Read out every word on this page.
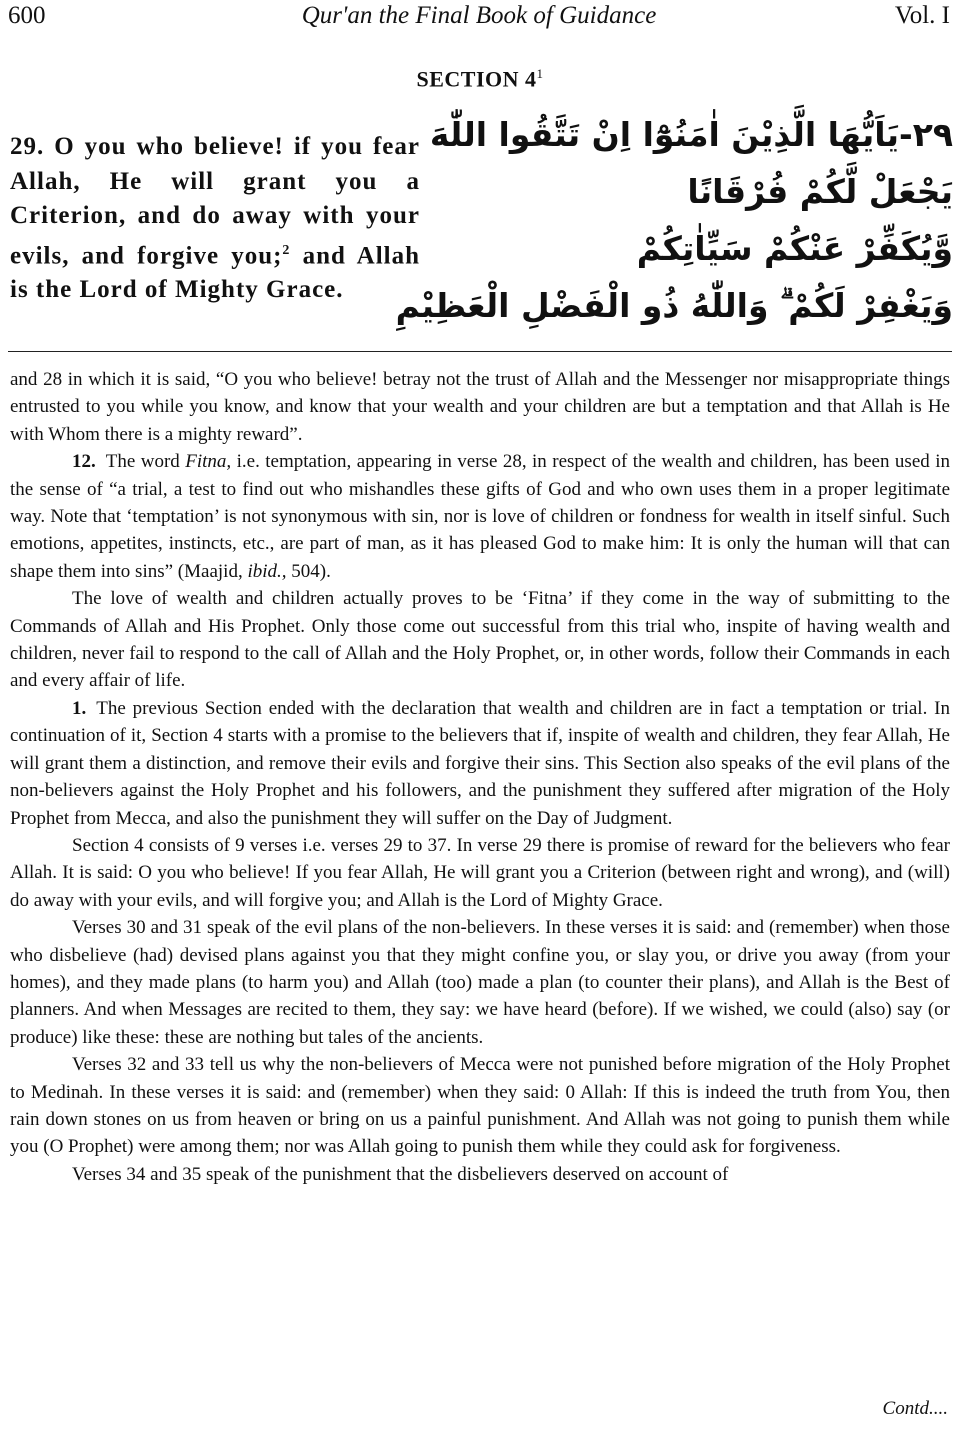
600	Qur'an the Final Book of Guidance	Vol. I
SECTION $4^1$
29. O you who believe! if you fear Allah, He will grant you a Criterion, and do away with your evils, and forgive you;$^2$ and Allah is the Lord of Mighty Grace.
۲۹-يَاَيُّهَا الَّذِيْنَ اٰمَنُوْٓا اِنْ تَتَّقُوا اللّٰهَ
يَجْعَلْ لَّكُمْ فُرْقَانًا
وَّيُكَفِّرْ عَنْكُمْ سَيِّاٰتِكُمْ
وَيَغْفِرْ لَكُمْ ۗ وَاللّٰهُ ذُو الْفَضْلِ الْعَظِيْمِ

and 28 in which it is said, “O you who believe! betray not the trust of Allah and the Messenger nor misappropriate things entrusted to you while you know, and know that your wealth and your children are but a temptation and that Allah is He with Whom there is a mighty reward”.

12. The word Fitna, i.e. temptation, appearing in verse 28, in respect of the wealth and children, has been used in the sense of “a trial, a test to find out who mishandles these gifts of God and who own uses them in a proper legitimate way. Note that ‘temptation’ is not synonymous with sin, nor is love of children or fondness for wealth in itself sinful. Such emotions, appetites, instincts, etc., are part of man, as it has pleased God to make him: It is only the human will that can shape them into sins” (Maajid, ibid., 504).

The love of wealth and children actually proves to be ‘Fitna’ if they come in the way of submitting to the Commands of Allah and His Prophet. Only those come out successful from this trial who, inspite of having wealth and children, never fail to respond to the call of Allah and the Holy Prophet, or, in other words, follow their Commands in each and every affair of life.

1. The previous Section ended with the declaration that wealth and children are in fact a temptation or trial. In continuation of it, Section 4 starts with a promise to the believers that if, inspite of wealth and children, they fear Allah, He will grant them a distinction, and remove their evils and forgive their sins. This Section also speaks of the evil plans of the non-believers against the Holy Prophet and his followers, and the punishment they suffered after migration of the Holy Prophet from Mecca, and also the punishment they will suffer on the Day of Judgment.

Section 4 consists of 9 verses i.e. verses 29 to 37. In verse 29 there is promise of reward for the believers who fear Allah. It is said: O you who believe! If you fear Allah, He will grant you a Criterion (between right and wrong), and (will) do away with your evils, and will forgive you; and Allah is the Lord of Mighty Grace.

Verses 30 and 31 speak of the evil plans of the non-believers. In these verses it is said: and (remember) when those who disbelieve (had) devised plans against you that they might confine you, or slay you, or drive you away (from your homes), and they made plans (to harm you) and Allah (too) made a plan (to counter their plans), and Allah is the Best of planners. And when Messages are recited to them, they say: we have heard (before). If we wished, we could (also) say (or produce) like these: these are nothing but tales of the ancients.

Verses 32 and 33 tell us why the non-believers of Mecca were not punished before migration of the Holy Prophet to Medinah. In these verses it is said: and (remember) when they said: 0 Allah: If this is indeed the truth from You, then rain down stones on us from heaven or bring on us a painful punishment. And Allah was not going to punish them while you (O Prophet) were among them; nor was Allah going to punish them while they could ask for forgiveness.

Verses 34 and 35 speak of the punishment that the disbelievers deserved on account of

Contd....
